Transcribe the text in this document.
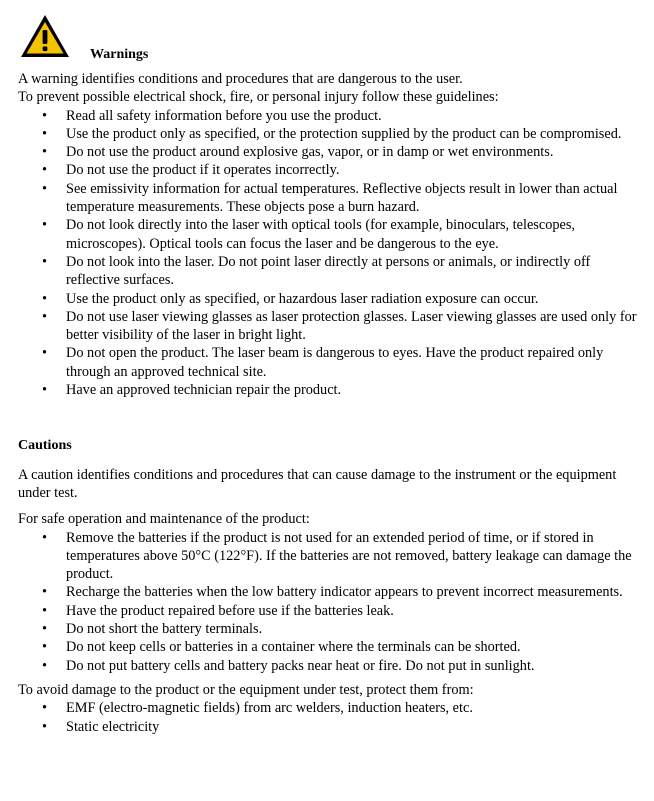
Warnings

A warning identifies conditions and procedures that are dangerous to the user.

To prevent possible electrical shock, fire, or personal injury follow these guidelines:

• Read all safety information before you use the product.
• Use the product only as specified, or the protection supplied by the product can be compromised.
• Do not use the product around explosive gas, vapor, or in damp or wet environments.
• Do not use the product if it operates incorrectly.
• See emissivity information for actual temperatures. Reflective objects result in lower than actual temperature measurements. These objects pose a burn hazard.
• Do not look directly into the laser with optical tools (for example, binoculars, telescopes, microscopes). Optical tools can focus the laser and be dangerous to the eye.
• Do not look into the laser. Do not point laser directly at persons or animals, or indirectly off reflective surfaces.
• Use the product only as specified, or hazardous laser radiation exposure can occur.
• Do not use laser viewing glasses as laser protection glasses. Laser viewing glasses are used only for better visibility of the laser in bright light.
• Do not open the product. The laser beam is dangerous to eyes. Have the product repaired only through an approved technical site.
• Have an approved technician repair the product.

Cautions

A caution identifies conditions and procedures that can cause damage to the instrument or the equipment under test.

For safe operation and maintenance of the product:

• Remove the batteries if the product is not used for an extended period of time, or if stored in temperatures above 50°C (122°F). If the batteries are not removed, battery leakage can damage the product.
• Recharge the batteries when the low battery indicator appears to prevent incorrect measurements.
• Have the product repaired before use if the batteries leak.
• Do not short the battery terminals.
• Do not keep cells or batteries in a container where the terminals can be shorted.
• Do not put battery cells and battery packs near heat or fire. Do not put in sunlight.

To avoid damage to the product or the equipment under test, protect them from:

• EMF (electro-magnetic fields) from arc welders, induction heaters, etc.
• Static electricity
